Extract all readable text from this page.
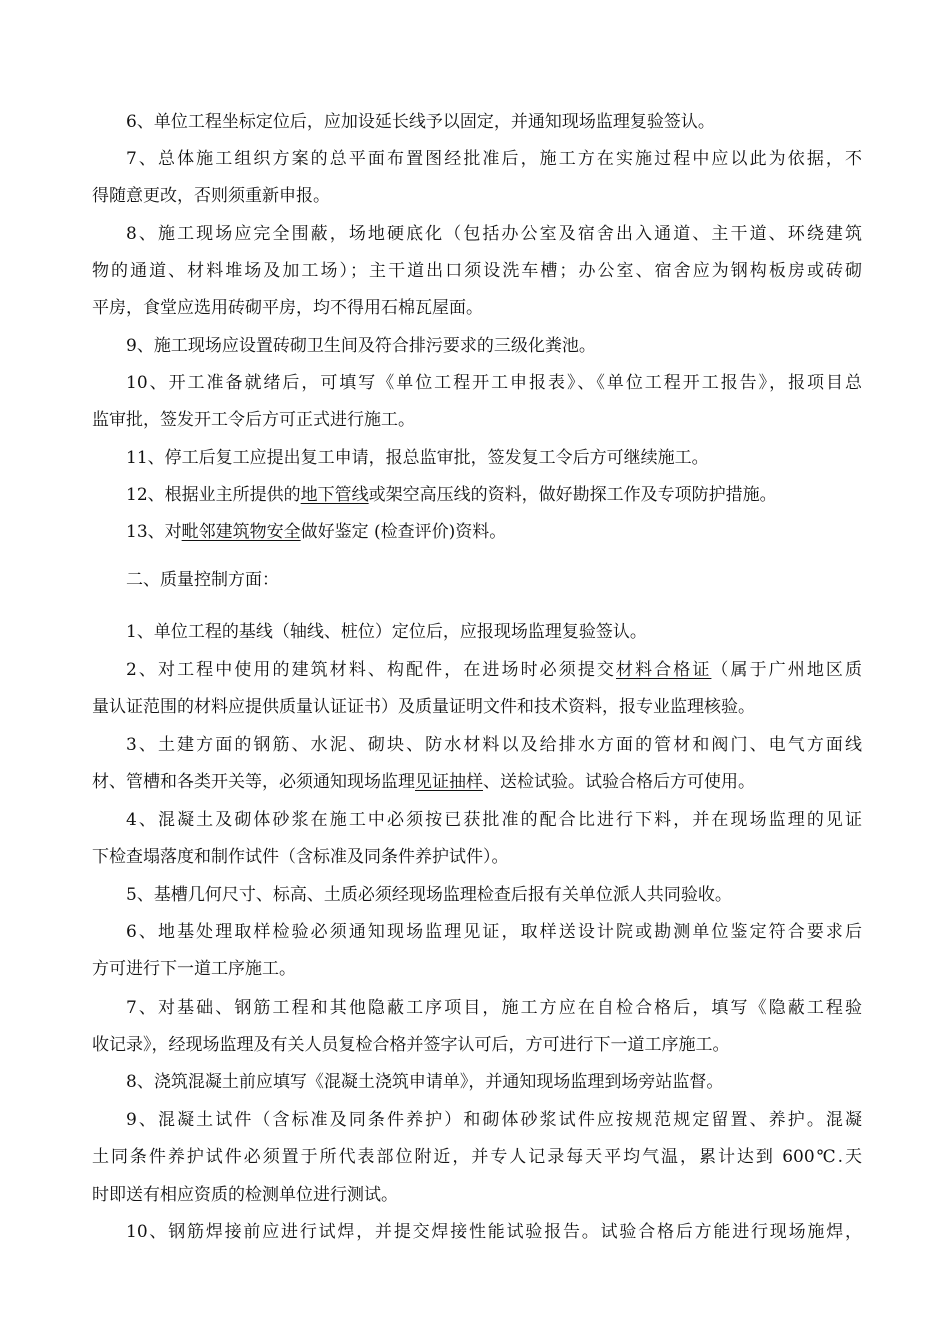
6、单位工程坐标定位后，应加设延长线予以固定，并通知现场监理复验签认。
7、总体施工组织方案的总平面布置图经批准后，施工方在实施过程中应以此为依据，不
得随意更改，否则须重新申报。
8、施工现场应完全围蔽，场地硬底化（包括办公室及宿舍出入通道、主干道、环绕建筑
物的通道、材料堆场及加工场）；主干道出口须设洗车槽；办公室、宿舍应为钢构板房或砖砌
平房，食堂应选用砖砌平房，均不得用石棉瓦屋面。
9、施工现场应设置砖砌卫生间及符合排污要求的三级化粪池。
10、开工准备就绪后，可填写《单位工程开工申报表》、《单位工程开工报告》，报项目总
监审批，签发开工令后方可正式进行施工。
11、停工后复工应提出复工申请，报总监审批，签发复工令后方可继续施工。
12、根据业主所提供的地下管线或架空高压线的资料，做好勘探工作及专项防护措施。
13、对毗邻建筑物安全做好鉴定 (检查评价)资料。
二、质量控制方面：
1、单位工程的基线（轴线、桩位）定位后，应报现场监理复验签认。
2、对工程中使用的建筑材料、构配件，在进场时必须提交材料合格证（属于广州地区质
量认证范围的材料应提供质量认证证书）及质量证明文件和技术资料，报专业监理核验。
3、土建方面的钢筋、水泥、砌块、防水材料以及给排水方面的管材和阀门、电气方面线
材、管槽和各类开关等，必须通知现场监理见证抽样、送检试验。试验合格后方可使用。
4、混凝土及砌体砂浆在施工中必须按已获批准的配合比进行下料，并在现场监理的见证
下检查塌落度和制作试件（含标准及同条件养护试件）。
5、基槽几何尺寸、标高、土质必须经现场监理检查后报有关单位派人共同验收。
6、地基处理取样检验必须通知现场监理见证，取样送设计院或勘测单位鉴定符合要求后
方可进行下一道工序施工。
7、对基础、钢筋工程和其他隐蔽工序项目，施工方应在自检合格后，填写《隐蔽工程验
收记录》，经现场监理及有关人员复检合格并签字认可后，方可进行下一道工序施工。
8、浇筑混凝土前应填写《混凝土浇筑申请单》，并通知现场监理到场旁站监督。
9、混凝土试件（含标准及同条件养护）和砌体砂浆试件应按规范规定留置、养护。混凝
土同条件养护试件必须置于所代表部位附近，并专人记录每天平均气温，累计达到 600℃.天
时即送有相应资质的检测单位进行测试。
10、钢筋焊接前应进行试焊，并提交焊接性能试验报告。试验合格后方能进行现场施焊，
